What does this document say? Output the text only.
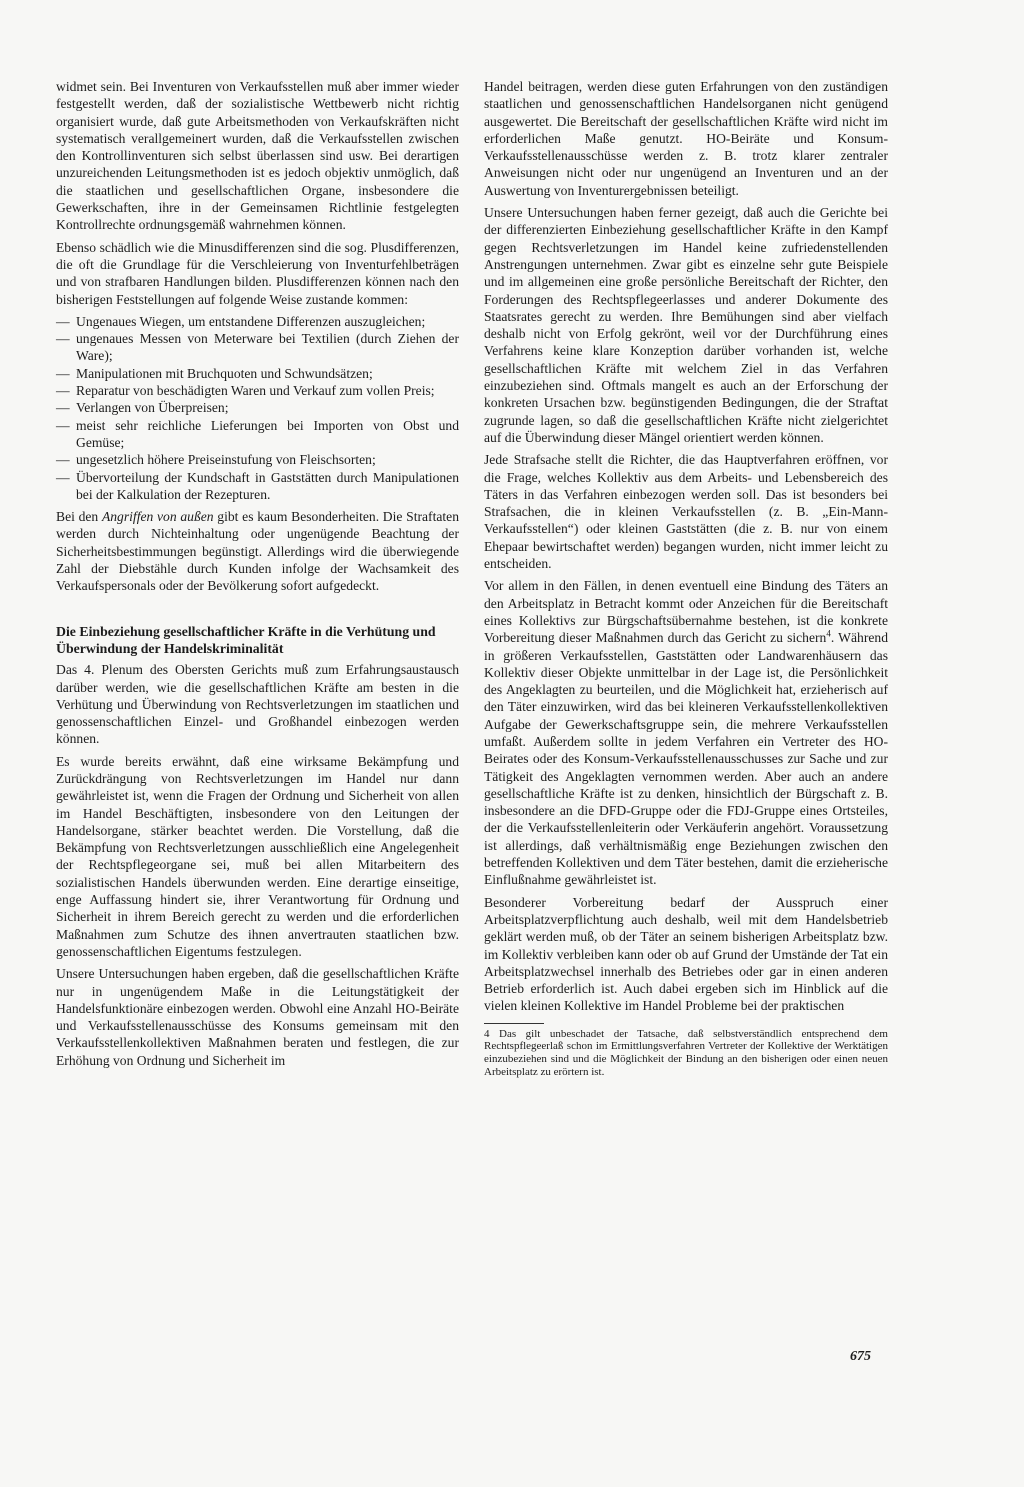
widmet sein. Bei Inventuren von Verkaufsstellen muß aber immer wieder festgestellt werden, daß der sozialistische Wettbewerb nicht richtig organisiert wurde, daß gute Arbeitsmethoden von Verkaufskräften nicht systematisch verallgemeinert wurden, daß die Verkaufsstellen zwischen den Kontrollinventuren sich selbst überlassen sind usw. Bei derartigen unzureichenden Leitungsmethoden ist es jedoch objektiv unmöglich, daß die staatlichen und gesellschaftlichen Organe, insbesondere die Gewerkschaften, ihre in der Gemeinsamen Richtlinie festgelegten Kontrollrechte ordnungsgemäß wahrnehmen können.

Ebenso schädlich wie die Minusdifferenzen sind die sog. Plusdifferenzen, die oft die Grundlage für die Verschleierung von Inventurfehlbeträgen und von strafbaren Handlungen bilden. Plusdifferenzen können nach den bisherigen Feststellungen auf folgende Weise zustande kommen:

— Ungenaues Wiegen, um entstandene Differenzen auszugleichen;
— ungenaues Messen von Meterware bei Textilien (durch Ziehen der Ware);
— Manipulationen mit Bruchquoten und Schwundsätzen;
— Reparatur von beschädigten Waren und Verkauf zum vollen Preis;
— Verlangen von Überpreisen;
— meist sehr reichliche Lieferungen bei Importen von Obst und Gemüse;
— ungesetzlich höhere Preiseinstufung von Fleischsorten;
— Übervorteilung der Kundschaft in Gaststätten durch Manipulationen bei der Kalkulation der Rezepturen.

Bei den Angriffen von außen gibt es kaum Besonderheiten. Die Straftaten werden durch Nichteinhaltung oder ungenügende Beachtung der Sicherheitsbestimmungen begünstigt. Allerdings wird die überwiegende Zahl der Diebstähle durch Kunden infolge der Wachsamkeit des Verkaufspersonals oder der Bevölkerung sofort aufgedeckt.

Die Einbeziehung gesellschaftlicher Kräfte in die Verhütung und Überwindung der Handelskriminalität

Das 4. Plenum des Obersten Gerichts muß zum Erfahrungsaustausch darüber werden, wie die gesellschaftlichen Kräfte am besten in die Verhütung und Überwindung von Rechtsverletzungen im staatlichen und genossenschaftlichen Einzel- und Großhandel einbezogen werden können.

Es wurde bereits erwähnt, daß eine wirksame Bekämpfung und Zurückdrängung von Rechtsverletzungen im Handel nur dann gewährleistet ist, wenn die Fragen der Ordnung und Sicherheit von allen im Handel Beschäftigten, insbesondere von den Leitungen der Handelsorgane, stärker beachtet werden. Die Vorstellung, daß die Bekämpfung von Rechtsverletzungen ausschließlich eine Angelegenheit der Rechtspflegeorgane sei, muß bei allen Mitarbeitern des sozialistischen Handels überwunden werden. Eine derartige einseitige, enge Auffassung hindert sie, ihrer Verantwortung für Ordnung und Sicherheit in ihrem Bereich gerecht zu werden und die erforderlichen Maßnahmen zum Schutze des ihnen anvertrauten staatlichen bzw. genossenschaftlichen Eigentums festzulegen.

Unsere Untersuchungen haben ergeben, daß die gesellschaftlichen Kräfte nur in ungenügendem Maße in die Leitungstätigkeit der Handelsfunktionäre einbezogen werden. Obwohl eine Anzahl HO-Beiräte und Verkaufsstellenausschüsse des Konsums gemeinsam mit den Verkaufsstellenkollektiven Maßnahmen beraten und festlegen, die zur Erhöhung von Ordnung und Sicherheit im

Handel beitragen, werden diese guten Erfahrungen von den zuständigen staatlichen und genossenschaftlichen Handelsorganen nicht genügend ausgewertet. Die Bereitschaft der gesellschaftlichen Kräfte wird nicht im erforderlichen Maße genutzt. HO-Beiräte und Konsum-Verkaufsstellenausschüsse werden z. B. trotz klarer zentraler Anweisungen nicht oder nur ungenügend an Inventuren und an der Auswertung von Inventurergebnissen beteiligt.

Unsere Untersuchungen haben ferner gezeigt, daß auch die Gerichte bei der differenzierten Einbeziehung gesellschaftlicher Kräfte in den Kampf gegen Rechtsverletzungen im Handel keine zufriedenstellenden Anstrengungen unternehmen. Zwar gibt es einzelne sehr gute Beispiele und im allgemeinen eine große persönliche Bereitschaft der Richter, den Forderungen des Rechtspflegeerlasses und anderer Dokumente des Staatsrates gerecht zu werden. Ihre Bemühungen sind aber vielfach deshalb nicht von Erfolg gekrönt, weil vor der Durchführung eines Verfahrens keine klare Konzeption darüber vorhanden ist, welche gesellschaftlichen Kräfte mit welchem Ziel in das Verfahren einzubeziehen sind. Oftmals mangelt es auch an der Erforschung der konkreten Ursachen bzw. begünstigenden Bedingungen, die der Straftat zugrunde lagen, so daß die gesellschaftlichen Kräfte nicht zielgerichtet auf die Überwindung dieser Mängel orientiert werden können.

Jede Strafsache stellt die Richter, die das Hauptverfahren eröffnen, vor die Frage, welches Kollektiv aus dem Arbeits- und Lebensbereich des Täters in das Verfahren einbezogen werden soll. Das ist besonders bei Strafsachen, die in kleinen Verkaufsstellen (z. B. „Ein-Mann-Verkaufsstellen“) oder kleinen Gaststätten (die z. B. nur von einem Ehepaar bewirtschaftet werden) begangen wurden, nicht immer leicht zu entscheiden.

Vor allem in den Fällen, in denen eventuell eine Bindung des Täters an den Arbeitsplatz in Betracht kommt oder Anzeichen für die Bereitschaft eines Kollektivs zur Bürgschaftsübernahme bestehen, ist die konkrete Vorbereitung dieser Maßnahmen durch das Gericht zu sichern$^4$. Während in größeren Verkaufsstellen, Gaststätten oder Landwarenhäusern das Kollektiv dieser Objekte unmittelbar in der Lage ist, die Persönlichkeit des Angeklagten zu beurteilen, und die Möglichkeit hat, erzieherisch auf den Täter einzuwirken, wird das bei kleineren Verkaufsstellenkollektiven Aufgabe der Gewerkschaftsgruppe sein, die mehrere Verkaufsstellen umfaßt. Außerdem sollte in jedem Verfahren ein Vertreter des HO-Beirates oder des Konsum-Verkaufsstellenausschusses zur Sache und zur Tätigkeit des Angeklagten vernommen werden. Aber auch an andere gesellschaftliche Kräfte ist zu denken, hinsichtlich der Bürgschaft z. B. insbesondere an die DFD-Gruppe oder die FDJ-Gruppe eines Ortsteiles, der die Verkaufsstellenleiterin oder Verkäuferin angehört. Voraussetzung ist allerdings, daß verhältnismäßig enge Beziehungen zwischen den betreffenden Kollektiven und dem Täter bestehen, damit die erzieherische Einflußnahme gewährleistet ist.

Besonderer Vorbereitung bedarf der Ausspruch einer Arbeitsplatzverpflichtung auch deshalb, weil mit dem Handelsbetrieb geklärt werden muß, ob der Täter an seinem bisherigen Arbeitsplatz bzw. im Kollektiv verbleiben kann oder ob auf Grund der Umstände der Tat ein Arbeitsplatzwechsel innerhalb des Betriebes oder gar in einen anderen Betrieb erforderlich ist. Auch dabei ergeben sich im Hinblick auf die vielen kleinen Kollektive im Handel Probleme bei der praktischen

4 Das gilt unbeschadet der Tatsache, daß selbstverständlich entsprechend dem Rechtspflegeerlaß schon im Ermittlungsverfahren Vertreter der Kollektive der Werktätigen einzubeziehen sind und die Möglichkeit der Bindung an den bisherigen oder einen neuen Arbeitsplatz zu erörtern ist.

675
